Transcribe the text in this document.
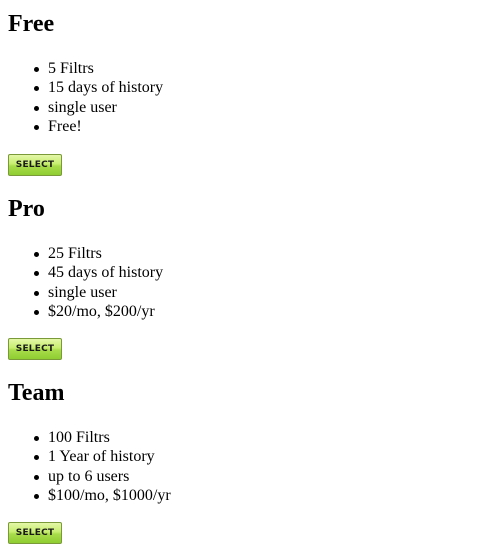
Free
5 Filtrs
15 days of history
single user
Free!
SELECT
Pro
25 Filtrs
45 days of history
single user
$20/mo, $200/yr
SELECT
Team
100 Filtrs
1 Year of history
up to 6 users
$100/mo, $1000/yr
SELECT
